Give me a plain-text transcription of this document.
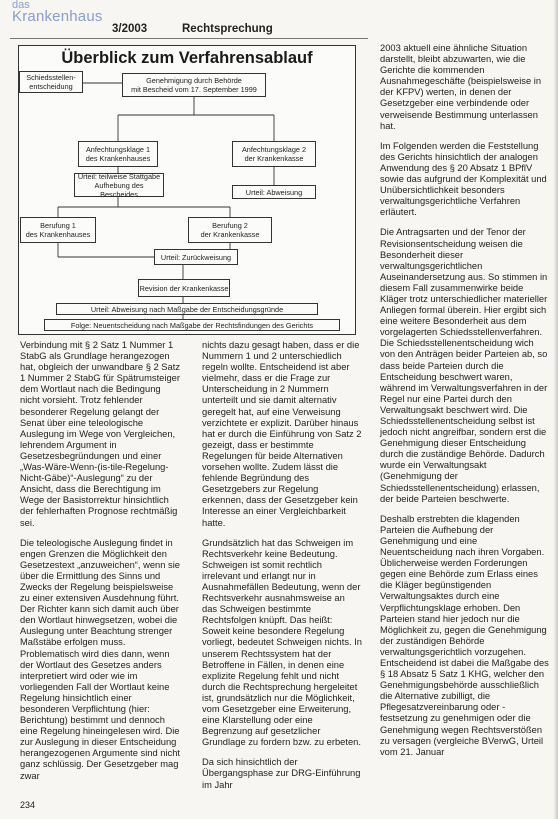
das
Krankenhaus
3/2003	Rechtsprechung
Überblick zum Verfahrensablauf
Schiedsstellen-
entscheidung
Genehmigung durch Behörde
mit Bescheid vom 17. September 1999
Anfechtungsklage 1
des Krankenhauses
Anfechtungsklage 2
der Krankenkasse
Urteil: teilweise Stattgabe
Aufhebung des Bescheides	Urteil: Abweisung
Berufung 1
des Krankenhauses
Berufung 2
der Krankenkasse
Urteil: Zurückweisung
Revision der Krankenkasse
Urteil: Abweisung nach Maßgabe der Entscheidungsgründe
Folge: Neuentscheidung nach Maßgabe der Rechtsfindungen des Gerichts

Verbindung mit § 2 Satz 1 Nummer 1 StabG als Grundlage herangezogen hat, obgleich der unwandbare § 2 Satz 1 Nummer 2 StabG für Spätrumsteiger dem Wortlaut nach die Bedingung nicht vorsieht. Trotz fehlender besonderer Regelung gelangt der Senat über eine teleologische Auslegung im Wege von Vergleichen, lehrendem Argument in Gesetzesbegründungen und einer „Was-Wäre-Wenn-(is-tile-Regelung-Nicht-Gäbe)“-Auslegung“ zu der Ansicht, dass die Berechtigung im Wege der Basistorrektur hinsichtlich der fehlerhaften Prognose rechtmäßig sei.

Die teleologische Auslegung findet in engen Grenzen die Möglichkeit den Gesetzestext „anzuweichen“, wenn sie über die Ermittlung des Sinns und Zwecks der Regelung beispielsweise zu einer extensiven Ausdehnung führt. Der Richter kann sich damit auch über den Wortlaut hinwegsetzen, wobei die Auslegung unter Beachtung strenger Maßstäbe erfolgen muss. Problematisch wird dies dann, wenn der Wortlaut des Gesetzes anders interpretiert wird oder wie im vorliegenden Fall der Wortlaut keine Regelung hinsichtlich einer besonderen Verpflichtung (hier: Berichtung) bestimmt und dennoch eine Regelung hineingelesen wird. Die zur Auslegung in dieser Entscheidung herangezogenen Argumente sind nicht ganz schlüssig. Der Gesetzgeber mag zwar

nichts dazu gesagt haben, dass er die Nummern 1 und 2 unterschiedlich regeln wollte. Entscheidend ist aber vielmehr, dass er die Frage zur Unterscheidung in 2 Nummern unterteilt und sie damit alternativ geregelt hat, auf eine Verweisung verzichtete er explizit. Darüber hinaus hat er durch die Einführung von Satz 2 gezeigt, dass er bestimmte Regelungen für beide Alternativen vorsehen wollte. Zudem lässt die fehlende Begründung des Gesetzgebers zur Regelung erkennen, dass der Gesetzgeber kein Interesse an einer Vergleichbarkeit hatte.

Grundsätzlich hat das Schweigen im Rechtsverkehr keine Bedeutung. Schweigen ist somit rechtlich irrelevant und erlangt nur in Ausnahmefällen Bedeutung, wenn der Rechtsverkehr ausnahmsweise an das Schweigen bestimmte Rechtsfolgen knüpft. Das heißt: Soweit keine besondere Regelung vorliegt, bedeutet Schweigen nichts. In unserem Rechtssystem hat der Betroffene in Fällen, in denen eine explizite Regelung fehlt und nicht durch die Rechtsprechung hergeleitet ist, grundsätzlich nur die Möglichkeit, vom Gesetzgeber eine Erweiterung, eine Klarstellung oder eine Begrenzung auf gesetzlicher Grundlage zu fordern bzw. zu erbeten.

Da sich hinsichtlich der Übergangsphase zur DRG-Einführung im Jahr

2003 aktuell eine ähnliche Situation darstellt, bleibt abzuwarten, wie die Gerichte die kommenden Ausnahmegeschäfte (beispielsweise in der KFPV) werten, in denen der Gesetzgeber eine verbindende oder verweisende Bestimmung unterlassen hat.

Im Folgenden werden die Feststellung des Gerichts hinsichtlich der analogen Anwendung des § 20 Absatz 1 BPflV sowie das aufgrund der Komplexität und Unübersichtlichkeit besonders verwaltungsgerichtliche Verfahren erläutert.

Die Antragsarten und der Tenor der Revisionsentscheidung weisen die Besonderheit dieser verwaltungsgerichtlichen Auseinandersetzung aus. So stimmen in diesem Fall zusammenwirke beide Kläger trotz unterschiedlicher materieller Anliegen formal überein. Hier ergibt sich eine weitere Besonderheit aus dem vorgelagerten Schiedsstellenverfahren. Die Schiedsstellenentscheidung wich von den Anträgen beider Parteien ab, so dass beide Parteien durch die Entscheidung beschwert waren, während im Verwaltungsverfahren in der Regel nur eine Partei durch den Verwaltungsakt beschwert wird. Die Schiedsstellenentscheidung selbst ist jedoch nicht angreifbar, sondern erst die Genehmigung dieser Entscheidung durch die zuständige Behörde. Dadurch wurde ein Verwaltungsakt (Genehmigung der Schiedsstellenentscheidung) erlassen, der beide Parteien beschwerte.

Deshalb erstrebten die klagenden Parteien die Aufhebung der Genehmigung und eine Neuentscheidung nach ihren Vorgaben. Üblicherweise werden Forderungen gegen eine Behörde zum Erlass eines die Kläger begünstigenden Verwaltungsaktes durch eine Verpflichtungsklage erhoben. Den Parteien stand hier jedoch nur die Möglichkeit zu, gegen die Genehmigung der zuständigen Behörde verwaltungsgerichtlich vorzugehen. Entscheidend ist dabei die Maßgabe des § 18 Absatz 5 Satz 1 KHG, welcher den Genehmigungsbehörde ausschließlich die Alternative zubilligt, die Pflegesatzvereinbarung oder -festsetzung zu genehmigen oder die Genehmigung wegen Rechtsverstößen zu versagen (vergleiche BVerwG, Urteil vom 21. Januar

234
